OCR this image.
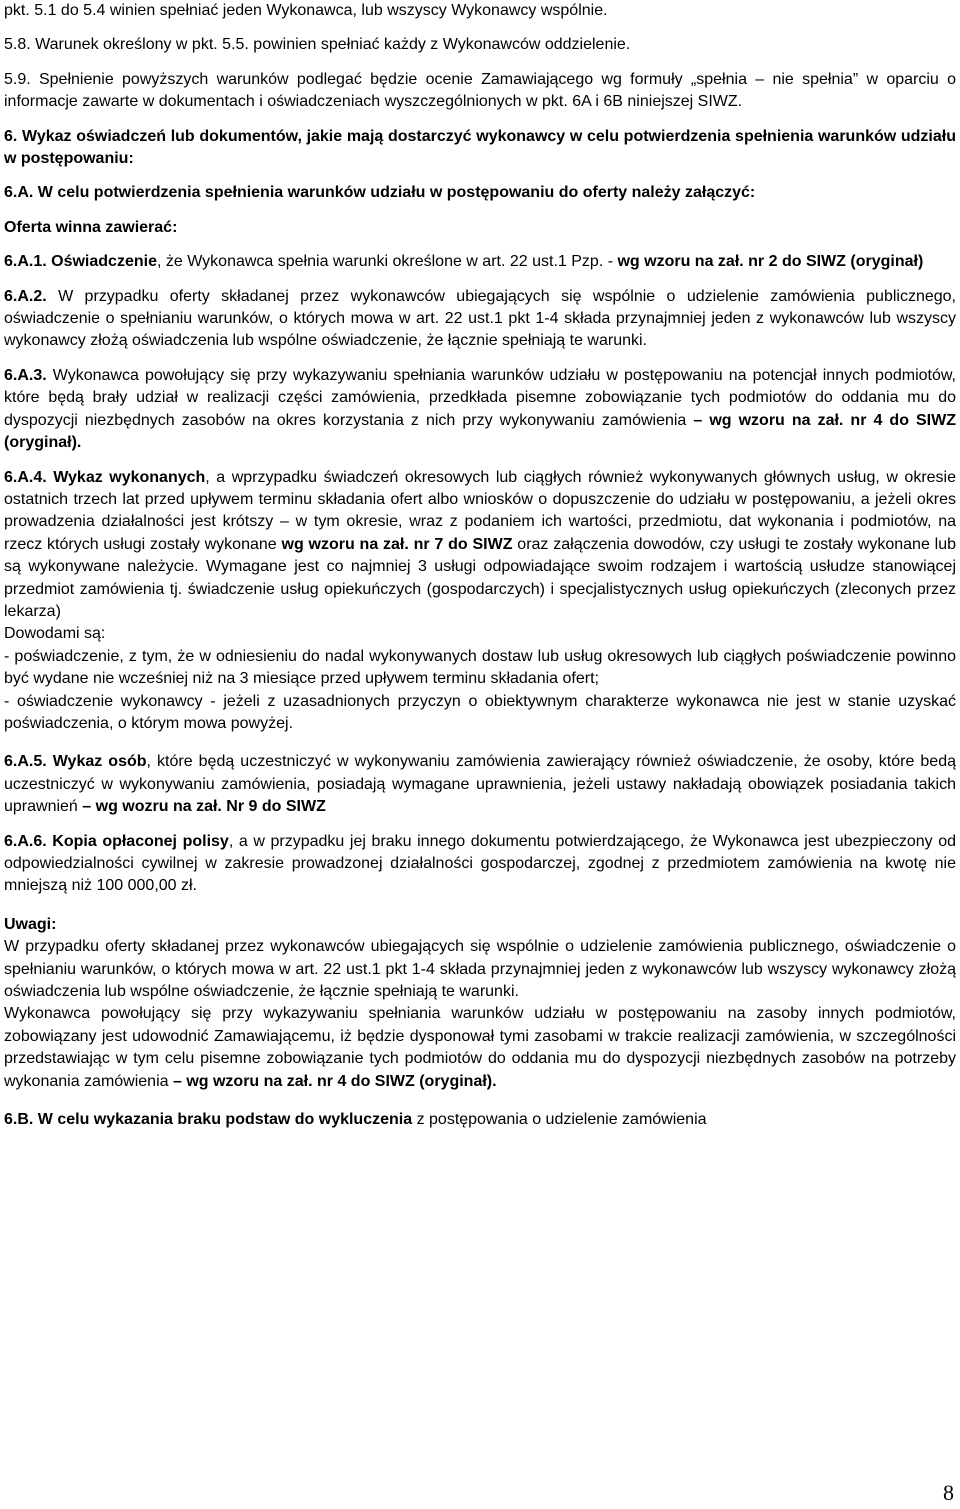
pkt. 5.1 do 5.4 winien spełniać jeden Wykonawca, lub wszyscy Wykonawcy wspólnie.

5.8. Warunek określony w pkt. 5.5. powinien spełniać każdy z Wykonawców oddzielenie.

5.9. Spełnienie powyższych warunków podlegać będzie ocenie Zamawiającego wg formuły „spełnia – nie spełnia” w oparciu o informacje zawarte w dokumentach i oświadczeniach wyszczególnionych w pkt. 6A i 6B niniejszej SIWZ.

6. Wykaz oświadczeń lub dokumentów, jakie mają dostarczyć wykonawcy w celu potwierdzenia spełnienia warunków udziału w postępowaniu:

6.A. W celu potwierdzenia spełnienia warunków udziału w postępowaniu do oferty należy załączyć:

Oferta winna zawierać:

6.A.1. Oświadczenie, że Wykonawca spełnia warunki określone w art. 22 ust.1 Pzp. - wg wzoru na zał. nr 2 do SIWZ (oryginał)

6.A.2. W przypadku oferty składanej przez wykonawców ubiegających się wspólnie o udzielenie zamówienia publicznego, oświadczenie o spełnianiu warunków, o których mowa w art. 22 ust.1 pkt 1-4 składa przynajmniej jeden z wykonawców lub wszyscy wykonawcy złożą oświadczenia lub wspólne oświadczenie, że łącznie spełniają te warunki.

6.A.3. Wykonawca powołujący się przy wykazywaniu spełniania warunków udziału w postępowaniu na potencjał innych podmiotów, które będą brały udział w realizacji części zamówienia, przedkłada pisemne zobowiązanie tych podmiotów do oddania mu do dyspozycji niezbędnych zasobów na okres korzystania z nich przy wykonywaniu zamówienia – wg wzoru na zał. nr 4 do SIWZ (oryginał).

6.A.4. Wykaz wykonanych, a wprzypadku świadczeń okresowych lub ciągłych również wykonywanych głównych usług, w okresie ostatnich trzech lat przed upływem terminu składania ofert albo wniosków o dopuszczenie do udziału w postępowaniu, a jeżeli okres prowadzenia działalności jest krótszy – w tym okresie, wraz z podaniem ich wartości, przedmiotu, dat wykonania i podmiotów, na rzecz których usługi zostały wykonane wg wzoru na zał. nr 7 do SIWZ oraz załączenia dowodów, czy usługi te zostały wykonane lub są wykonywane należycie. Wymagane jest co najmniej 3 usługi odpowiadające swoim rodzajem i wartością usłudze stanowiącej przedmiot zamówienia tj. świadczenie usług opiekuńczych (gospodarczych) i specjalistycznych usług opiekuńczych (zleconych przez lekarza)

Dowodami są:

- poświadczenie, z tym, że w odniesieniu do nadal wykonywanych dostaw lub usług okresowych lub ciągłych poświadczenie powinno być wydane nie wcześniej niż na 3 miesiące przed upływem terminu składania ofert;

- oświadczenie wykonawcy - jeżeli z uzasadnionych przyczyn o obiektywnym charakterze wykonawca nie jest w stanie uzyskać poświadczenia, o którym mowa powyżej.

6.A.5. Wykaz osób, które będą uczestniczyć w wykonywaniu zamówienia zawierający również oświadczenie, że osoby, które bedą uczestniczyć w wykonywaniu zamówienia, posiadają wymagane uprawnienia, jeżeli ustawy nakładają obowiązek posiadania takich uprawnień – wg wozru na zał. Nr 9 do SIWZ

6.A.6. Kopia opłaconej polisy, a w przypadku jej braku innego dokumentu potwierdzającego, że Wykonawca jest ubezpieczony od odpowiedzialności cywilnej w zakresie prowadzonej działalności gospodarczej, zgodnej z przedmiotem zamówienia na kwotę nie mniejszą niż 100 000,00 zł.

Uwagi:

W przypadku oferty składanej przez wykonawców ubiegających się wspólnie o udzielenie zamówienia publicznego, oświadczenie o spełnianiu warunków, o których mowa w art. 22 ust.1 pkt 1-4 składa przynajmniej jeden z wykonawców lub wszyscy wykonawcy złożą oświadczenia lub wspólne oświadczenie, że łącznie spełniają te warunki.

Wykonawca powołujący się przy wykazywaniu spełniania warunków udziału w postępowaniu na zasoby innych podmiotów, zobowiązany jest udowodnić Zamawiającemu, iż będzie dysponował tymi zasobami w trakcie realizacji zamówienia, w szczególności przedstawiając w tym celu pisemne zobowiązanie tych podmiotów do oddania mu do dyspozycji niezbędnych zasobów na potrzeby wykonania zamówienia – wg wzoru na zał. nr 4 do SIWZ (oryginał).

6.B. W celu wykazania braku podstaw do wykluczenia z postępowania o udzielenie zamówienia

8
